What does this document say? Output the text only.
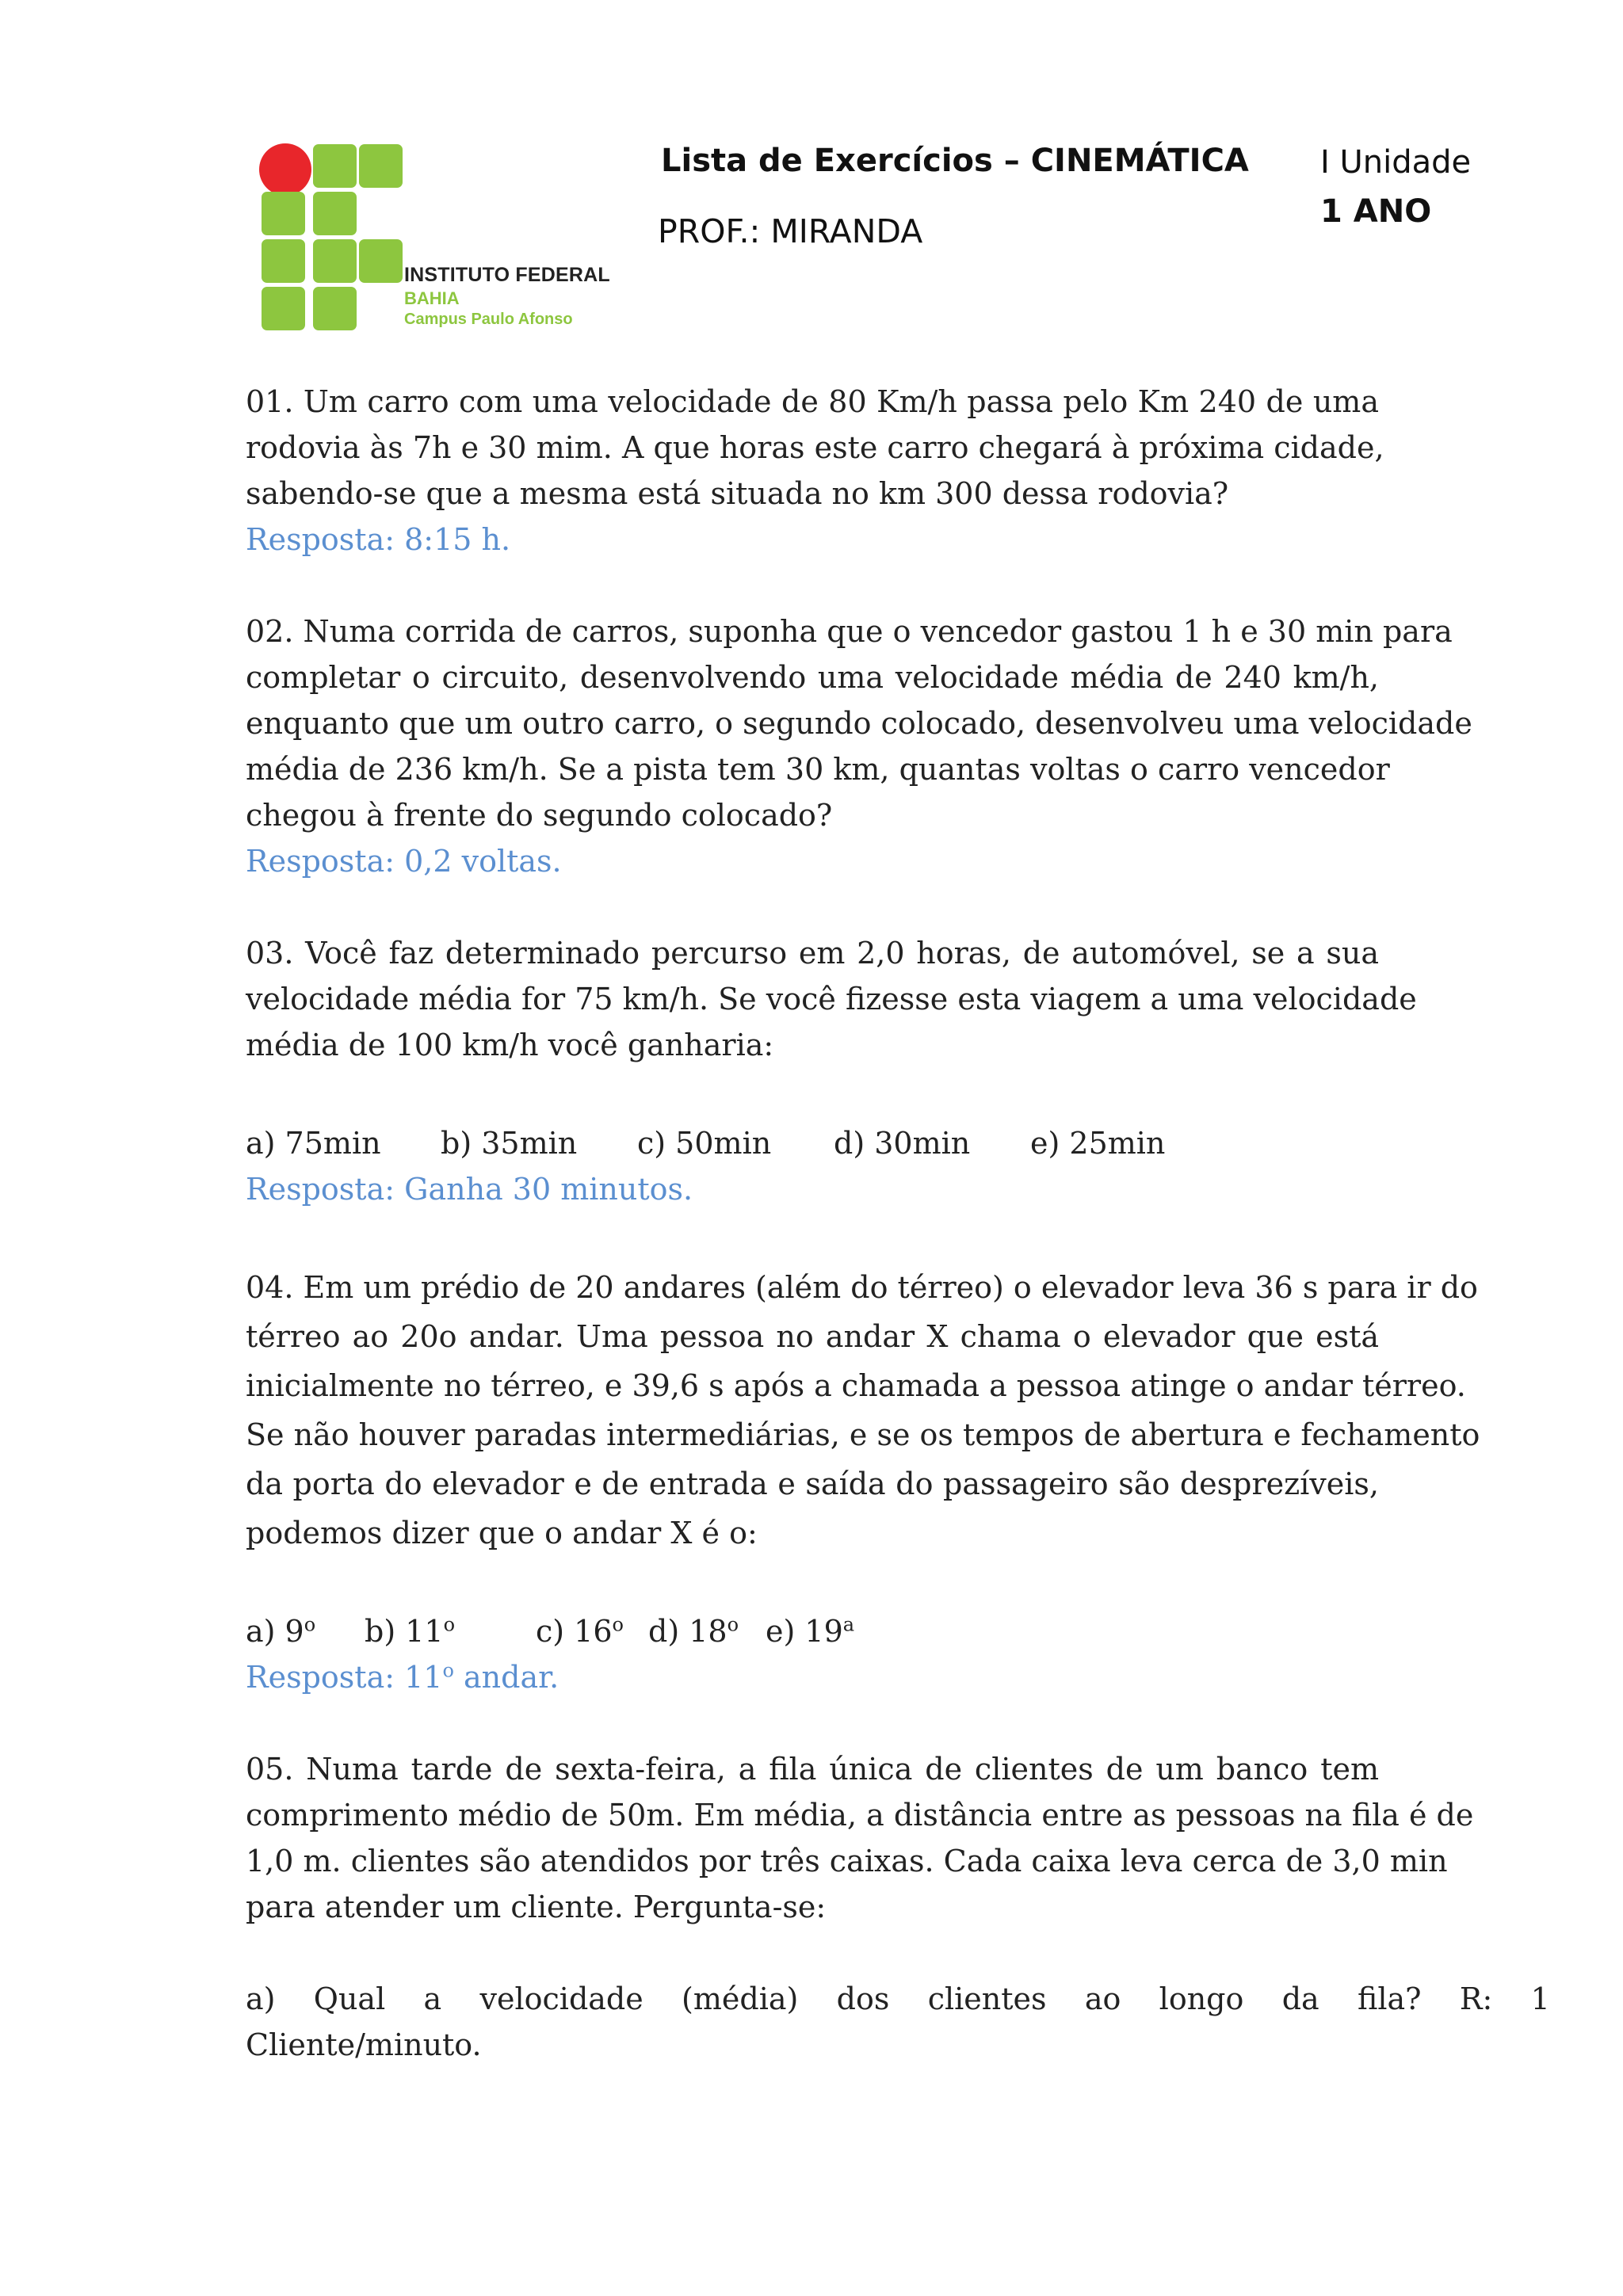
INSTITUTO FEDERAL
BAHIA
Campus Paulo Afonso
Lista de Exercícios – CINEMÁTICA
PROF.: MIRANDA
I Unidade
1 ANO
01. Um carro com uma velocidade de 80 Km/h passa pelo Km 240 de uma
rodovia às 7h e 30 mim. A que horas este carro chegará à próxima cidade,
sabendo-se que a mesma está situada no km 300 dessa rodovia?
Resposta: 8:15 h.
02. Numa corrida de carros, suponha que o vencedor gastou 1 h e 30 min para
completar o circuito, desenvolvendo uma velocidade média de 240 km/h,
enquanto que um outro carro, o segundo colocado, desenvolveu uma velocidade
média de 236 km/h. Se a pista tem 30 km, quantas voltas o carro vencedor
chegou à frente do segundo colocado?
Resposta: 0,2 voltas.
03. Você faz determinado percurso em 2,0 horas, de automóvel, se a sua
velocidade média for 75 km/h. Se você fizesse esta viagem a uma velocidade
média de 100 km/h você ganharia:
a) 75min b) 35min c) 50min d) 30min e) 25min
Resposta: Ganha 30 minutos.
04. Em um prédio de 20 andares (além do térreo) o elevador leva 36 s para ir do
térreo ao 20o andar. Uma pessoa no andar X chama o elevador que está
inicialmente no térreo, e 39,6 s após a chamada a pessoa atinge o andar térreo.
Se não houver paradas intermediárias, e se os tempos de abertura e fechamento
da porta do elevador e de entrada e saída do passageiro são desprezíveis,
podemos dizer que o andar X é o:
a) 9$^o$ b) 11$^o$	c) 16$^o$ d) 18$^o$ e) 19$^a$
Resposta: 11$^o$ andar.
05. Numa tarde de sexta-feira, a fila única de clientes de um banco tem
comprimento médio de 50m. Em média, a distância entre as pessoas na fila é de
1,0 m. clientes são atendidos por três caixas. Cada caixa leva cerca de 3,0 min
para atender um cliente. Pergunta-se:
a)    Qual    a    velocidade    (média)    dos    clientes    ao    longo    da    fila?    R:    1
Cliente/minuto.
